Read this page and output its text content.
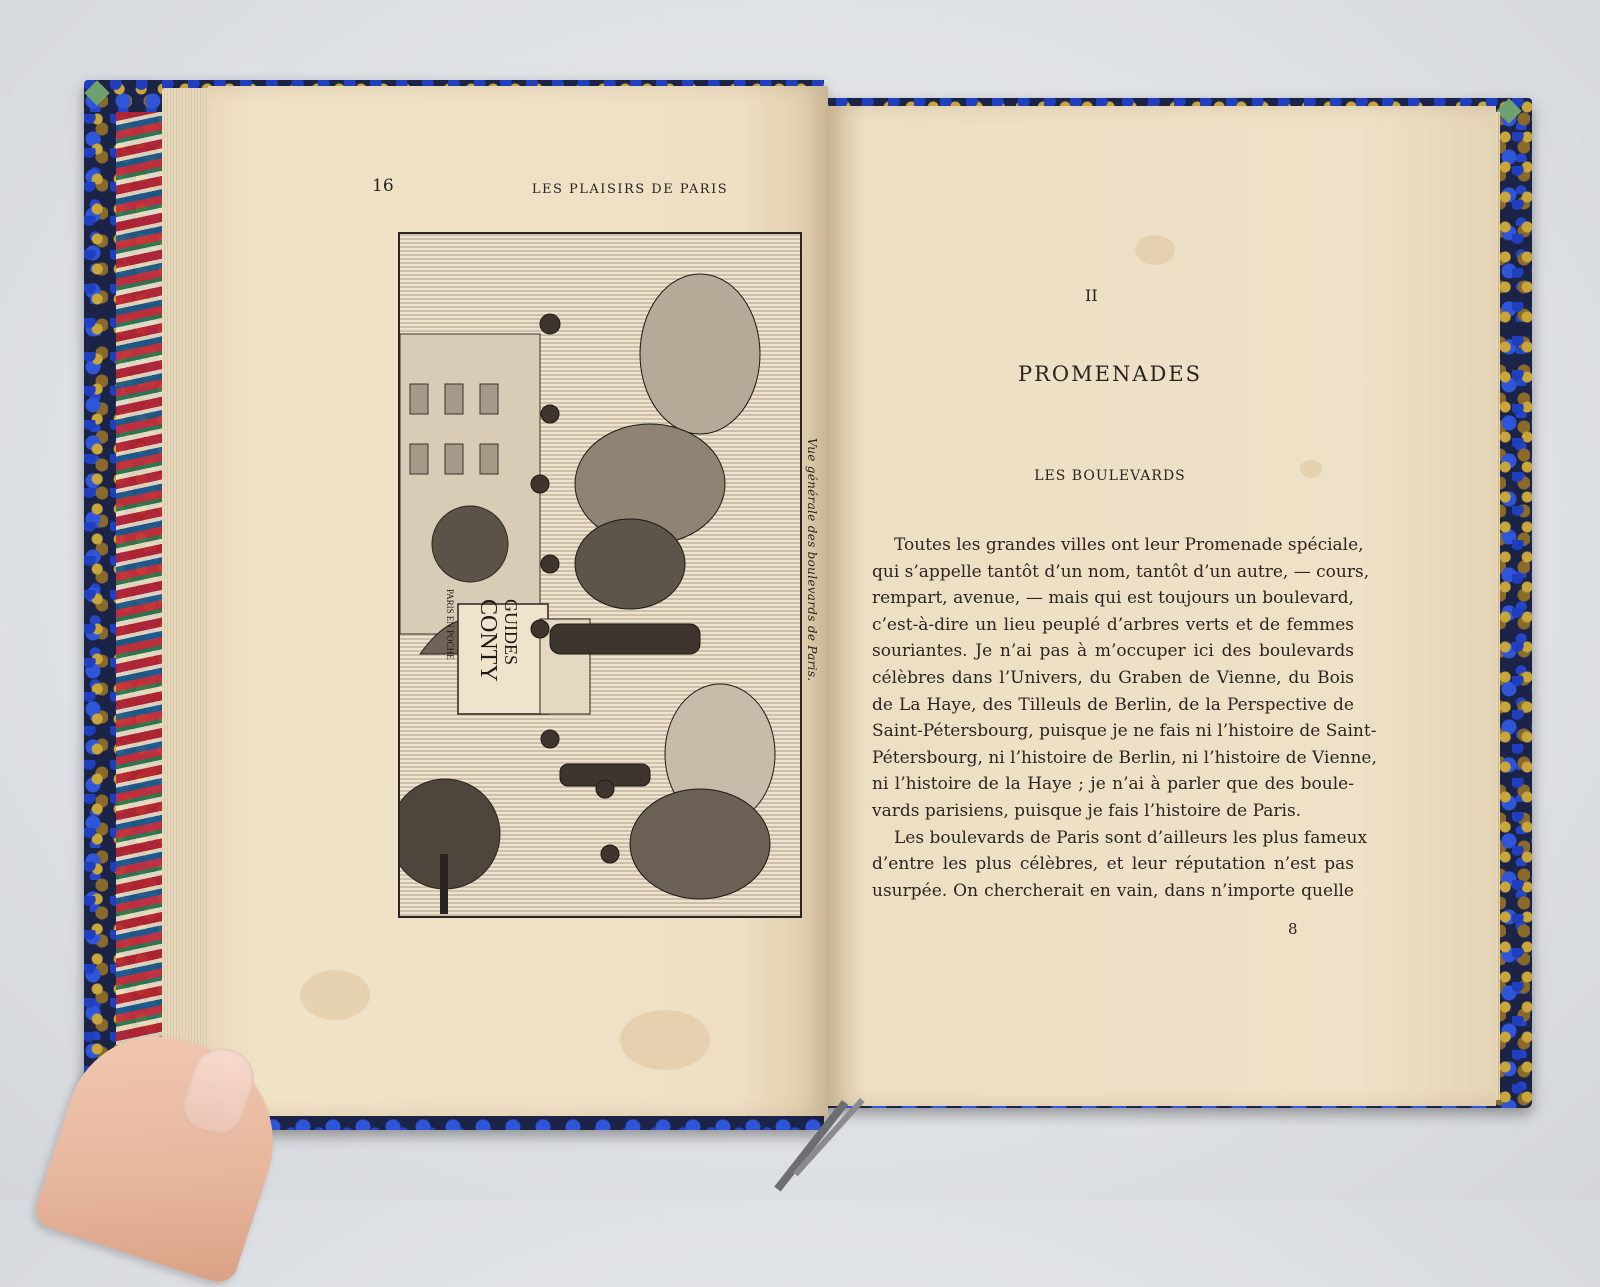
16	LES PLAISIRS DE PARIS
GUIDES
CONTY
PARIS EN POCHE	Vue générale des boulevards de Paris.
II
PROMENADES
LES BOULEVARDS
Toutes les grandes villes ont leur Promenade spéciale,
qui s’appelle tantôt d’un nom, tantôt d’un autre, — cours,
rempart, avenue, — mais qui est toujours un boulevard,
c’est-à-dire un lieu peuplé d’arbres verts et de femmes
souriantes. Je n’ai pas à m’occuper ici des boulevards
célèbres dans l’Univers, du Graben de Vienne, du Bois
de La Haye, des Tilleuls de Berlin, de la Perspective de
Saint-Pétersbourg, puisque je ne fais ni l’histoire de Saint-
Pétersbourg, ni l’histoire de Berlin, ni l’histoire de Vienne,
ni l’histoire de la Haye ; je n’ai à parler que des boule-
vards parisiens, puisque je fais l’histoire de Paris.
Les boulevards de Paris sont d’ailleurs les plus fameux
d’entre les plus célèbres, et leur réputation n’est pas
usurpée. On chercherait en vain, dans n’importe quelle
8
